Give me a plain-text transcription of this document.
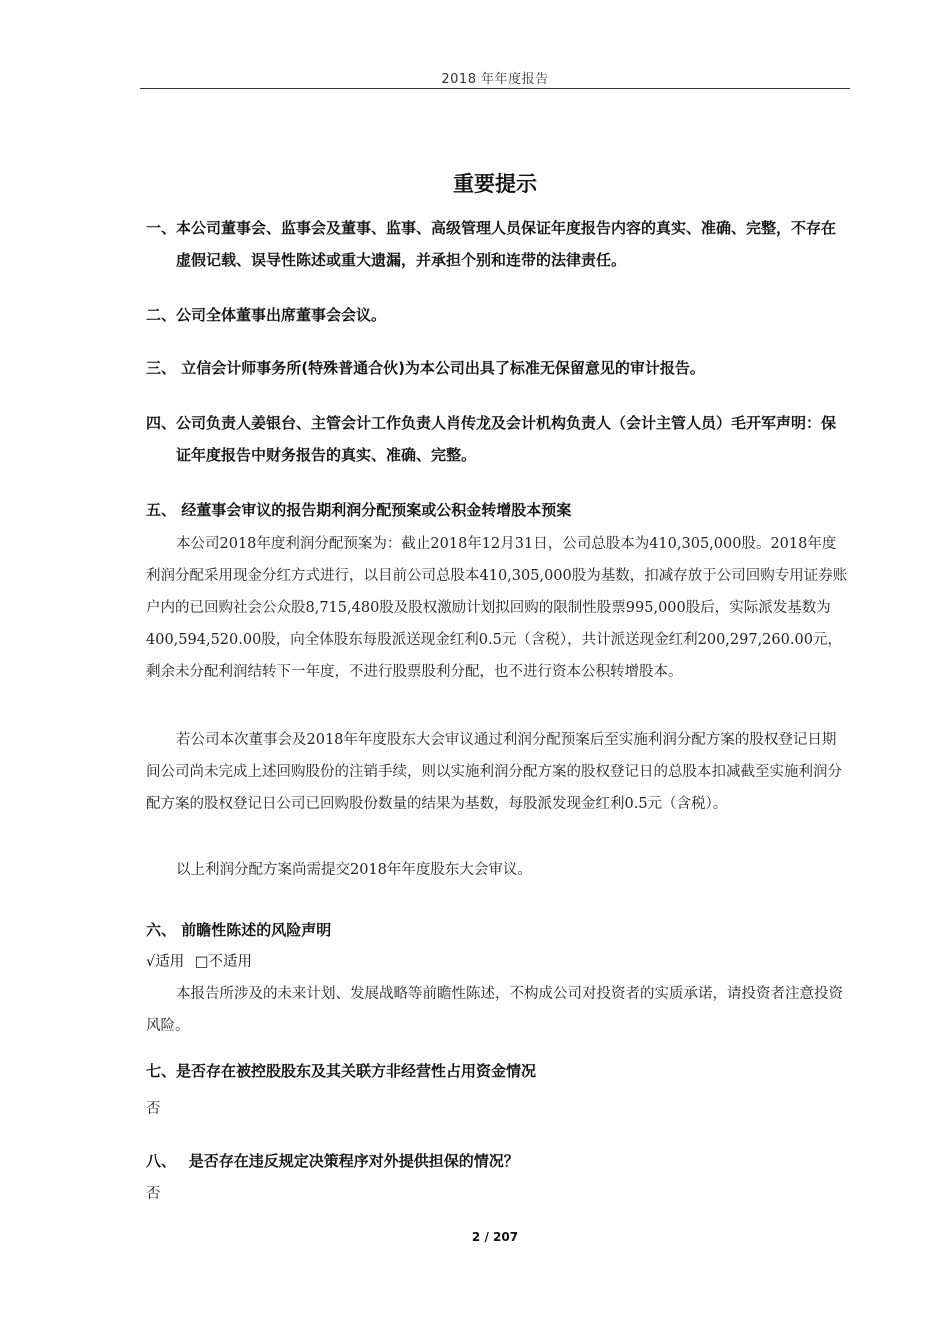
2018 年年度报告
重要提示
一、本公司董事会、监事会及董事、监事、高级管理人员保证年度报告内容的真实、准确、完整，不存在虚假记载、误导性陈述或重大遗漏，并承担个别和连带的法律责任。
二、公司全体董事出席董事会会议。
三、 立信会计师事务所(特殊普通合伙)为本公司出具了标准无保留意见的审计报告。
四、公司负责人姜银台、主管会计工作负责人肖传龙及会计机构负责人（会计主管人员）毛开军声明：保证年度报告中财务报告的真实、准确、完整。
五、 经董事会审议的报告期利润分配预案或公积金转增股本预案
本公司2018年度利润分配预案为：截止2018年12月31日，公司总股本为410,305,000股。2018年度利润分配采用现金分红方式进行，以目前公司总股本410,305,000股为基数，扣减存放于公司回购专用证券账户内的已回购社会公众股8,715,480股及股权激励计划拟回购的限制性股票995,000股后，实际派发基数为400,594,520.00股，向全体股东每股派送现金红利0.5元（含税），共计派送现金红利200,297,260.00元，剩余未分配利润结转下一年度，不进行股票股利分配，也不进行资本公积转增股本。
若公司本次董事会及2018年年度股东大会审议通过利润分配预案后至实施利润分配方案的股权登记日期间公司尚未完成上述回购股份的注销手续，则以实施利润分配方案的股权登记日的总股本扣减截至实施利润分配方案的股权登记日公司已回购股份数量的结果为基数，每股派发现金红利0.5元（含税）。
以上利润分配方案尚需提交2018年年度股东大会审议。
六、 前瞻性陈述的风险声明
√适用 □不适用
本报告所涉及的未来计划、发展战略等前瞻性陈述，不构成公司对投资者的实质承诺，请投资者注意投资风险。
七、是否存在被控股股东及其关联方非经营性占用资金情况
否
八、　 是否存在违反规定决策程序对外提供担保的情况？
否
2 / 207
